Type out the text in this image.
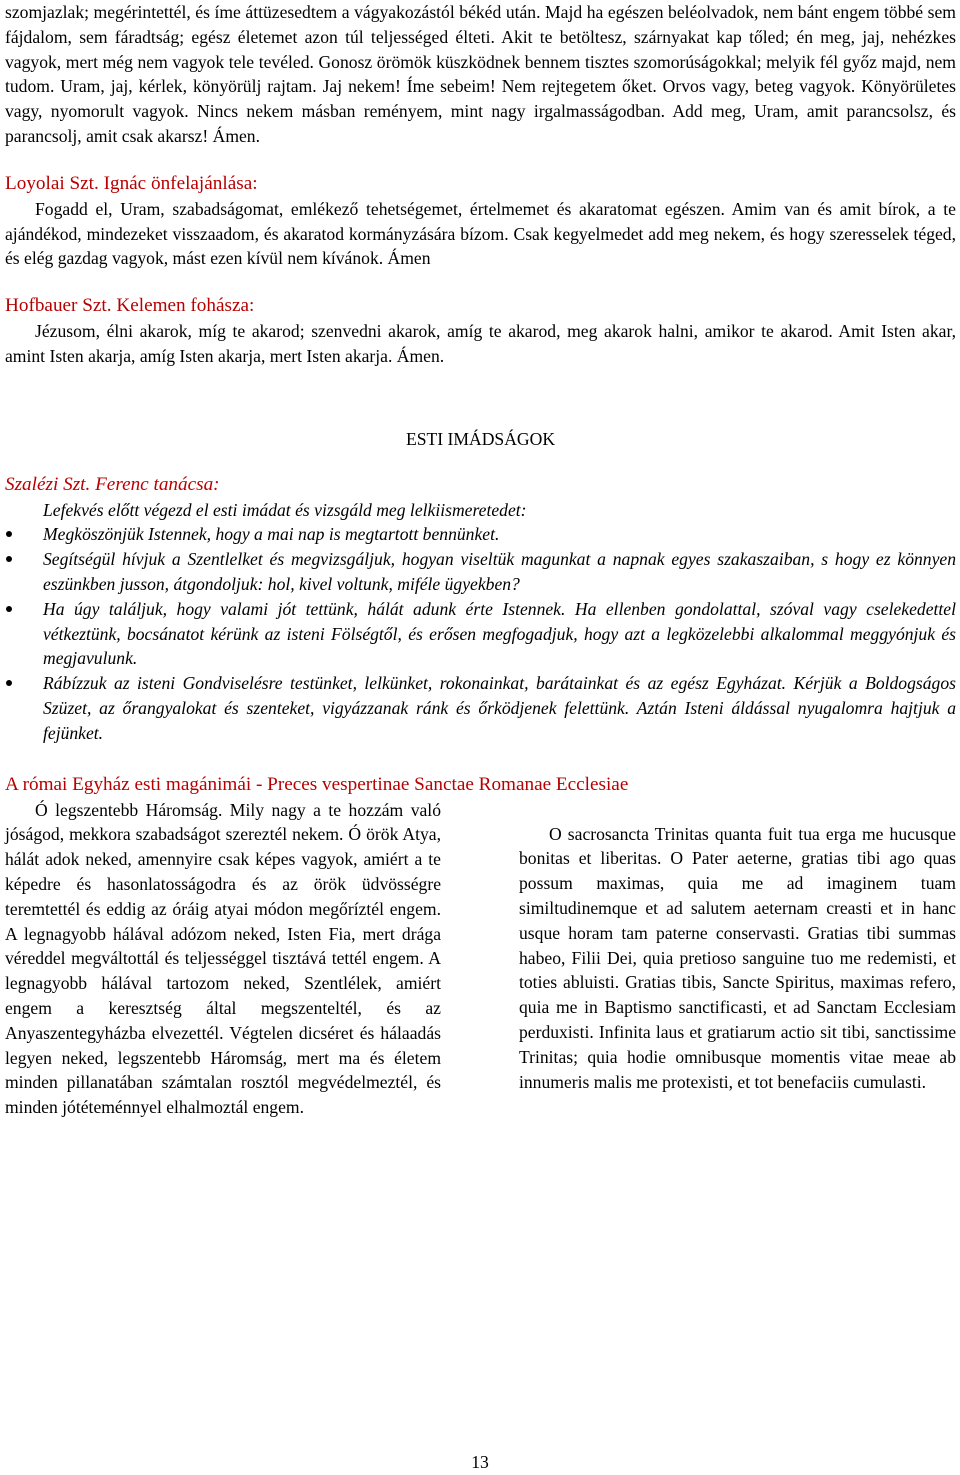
szomjazlak; megérintettél, és íme áttüzesedtem a vágyakozástól békéd után. Majd ha egészen beléolvadok, nem bánt engem többé sem fájdalom, sem fáradtság; egész életemet azon túl teljességed élteti. Akit te betöltesz, szárnyakat kap tőled; én meg, jaj, nehézkes vagyok, mert még nem vagyok tele tevéled. Gonosz örömök küszködnek bennem tisztes szomorúságokkal; melyik fél győz majd, nem tudom. Uram, jaj, kérlek, könyörülj rajtam. Jaj nekem! Íme sebeim! Nem rejtegetem őket. Orvos vagy, beteg vagyok. Könyörületes vagy, nyomorult vagyok. Nincs nekem másban reményem, mint nagy irgalmasságodban. Add meg, Uram, amit parancsolsz, és parancsolj, amit csak akarsz! Ámen.

Loyolai Szt. Ignác önfelajánlása:

Fogadd el, Uram, szabadságomat, emlékező tehetségemet, értelmemet és akaratomat egészen. Amim van és amit bírok, a te ajándékod, mindezeket visszaadom, és akaratod kormányzására bízom. Csak kegyelmedet add meg nekem, és hogy szeresselek téged, és elég gazdag vagyok, mást ezen kívül nem kívánok. Ámen

Hofbauer Szt. Kelemen fohásza:

Jézusom, élni akarok, míg te akarod; szenvedni akarok, amíg te akarod, meg akarok halni, amikor te akarod. Amit Isten akar, amint Isten akarja, amíg Isten akarja, mert Isten akarja. Ámen.

ESTI IMÁDSÁGOK

Szalézi Szt. Ferenc tanácsa:

Lefekvés előtt végezd el esti imádat és vizsgáld meg lelkiismeretedet:

Megköszönjük Istennek, hogy a mai nap is megtartott bennünket.
Segítségül hívjuk a Szentlelket és megvizsgáljuk, hogyan viseltük magunkat a napnak egyes szakaszaiban, s hogy ez könnyen eszünkben jusson, átgondoljuk: hol, kivel voltunk, miféle ügyekben?
Ha úgy találjuk, hogy valami jót tettünk, hálát adunk érte Istennek. Ha ellenben gondolattal, szóval vagy cselekedettel vétkeztünk, bocsánatot kérünk az isteni Fölségtől, és erősen megfogadjuk, hogy azt a legközelebbi alkalommal meggyónjuk és megjavulunk.
Rábízzuk az isteni Gondviselésre testünket, lelkünket, rokonainkat, barátainkat és az egész Egyházat. Kérjük a Boldogságos Szüzet, az őrangyalokat és szenteket, vigyázzanak ránk és őrködjenek felettünk. Aztán Isteni áldással nyugalomra hajtjuk a fejünket.

A római Egyház esti magánimái - Preces vespertinae Sanctae Romanae Ecclesiae

Ó legszentebb Háromság. Mily nagy a te hozzám való jóságod, mekkora szabadságot szereztél nekem. Ó örök Atya, hálát adok neked, amennyire csak képes vagyok, amiért a te képedre és hasonlatosságodra és az örök üdvösségre teremtettél és eddig az óráig atyai módon megőríztél engem. A legnagyobb hálával adózom neked, Isten Fia, mert drága véreddel megváltottál és teljességgel tisztává tettél engem. A legnagyobb hálával tartozom neked, Szentlélek, amiért engem a keresztség által megszenteltél, és az Anyaszentegyházba elvezettél. Végtelen dicséret és hálaadás legyen neked, legszentebb Háromság, mert ma és életem minden pillanatában számtalan rosztól megvédelmeztél, és minden jótéteménnyel elhalmoztál engem.

O sacrosancta Trinitas quanta fuit tua erga me hucusque bonitas et liberitas. O Pater aeterne, gratias tibi ago quas possum maximas, quia me ad imaginem tuam similtudinemque et ad salutem aeternam creasti et in hanc usque horam tam paterne conservasti. Gratias tibi summas habeo, Filii Dei, quia pretioso sanguine tuo me redemisti, et toties abluisti. Gratias tibis, Sancte Spiritus, maximas refero, quia me in Baptismo sanctificasti, et ad Sanctam Ecclesiam perduxisti. Infinita laus et gratiarum actio sit tibi, sanctissime Trinitas; quia hodie omnibusque momentis vitae meae ab innumeris malis me protexisti, et tot benefaciis cumulasti.

13
